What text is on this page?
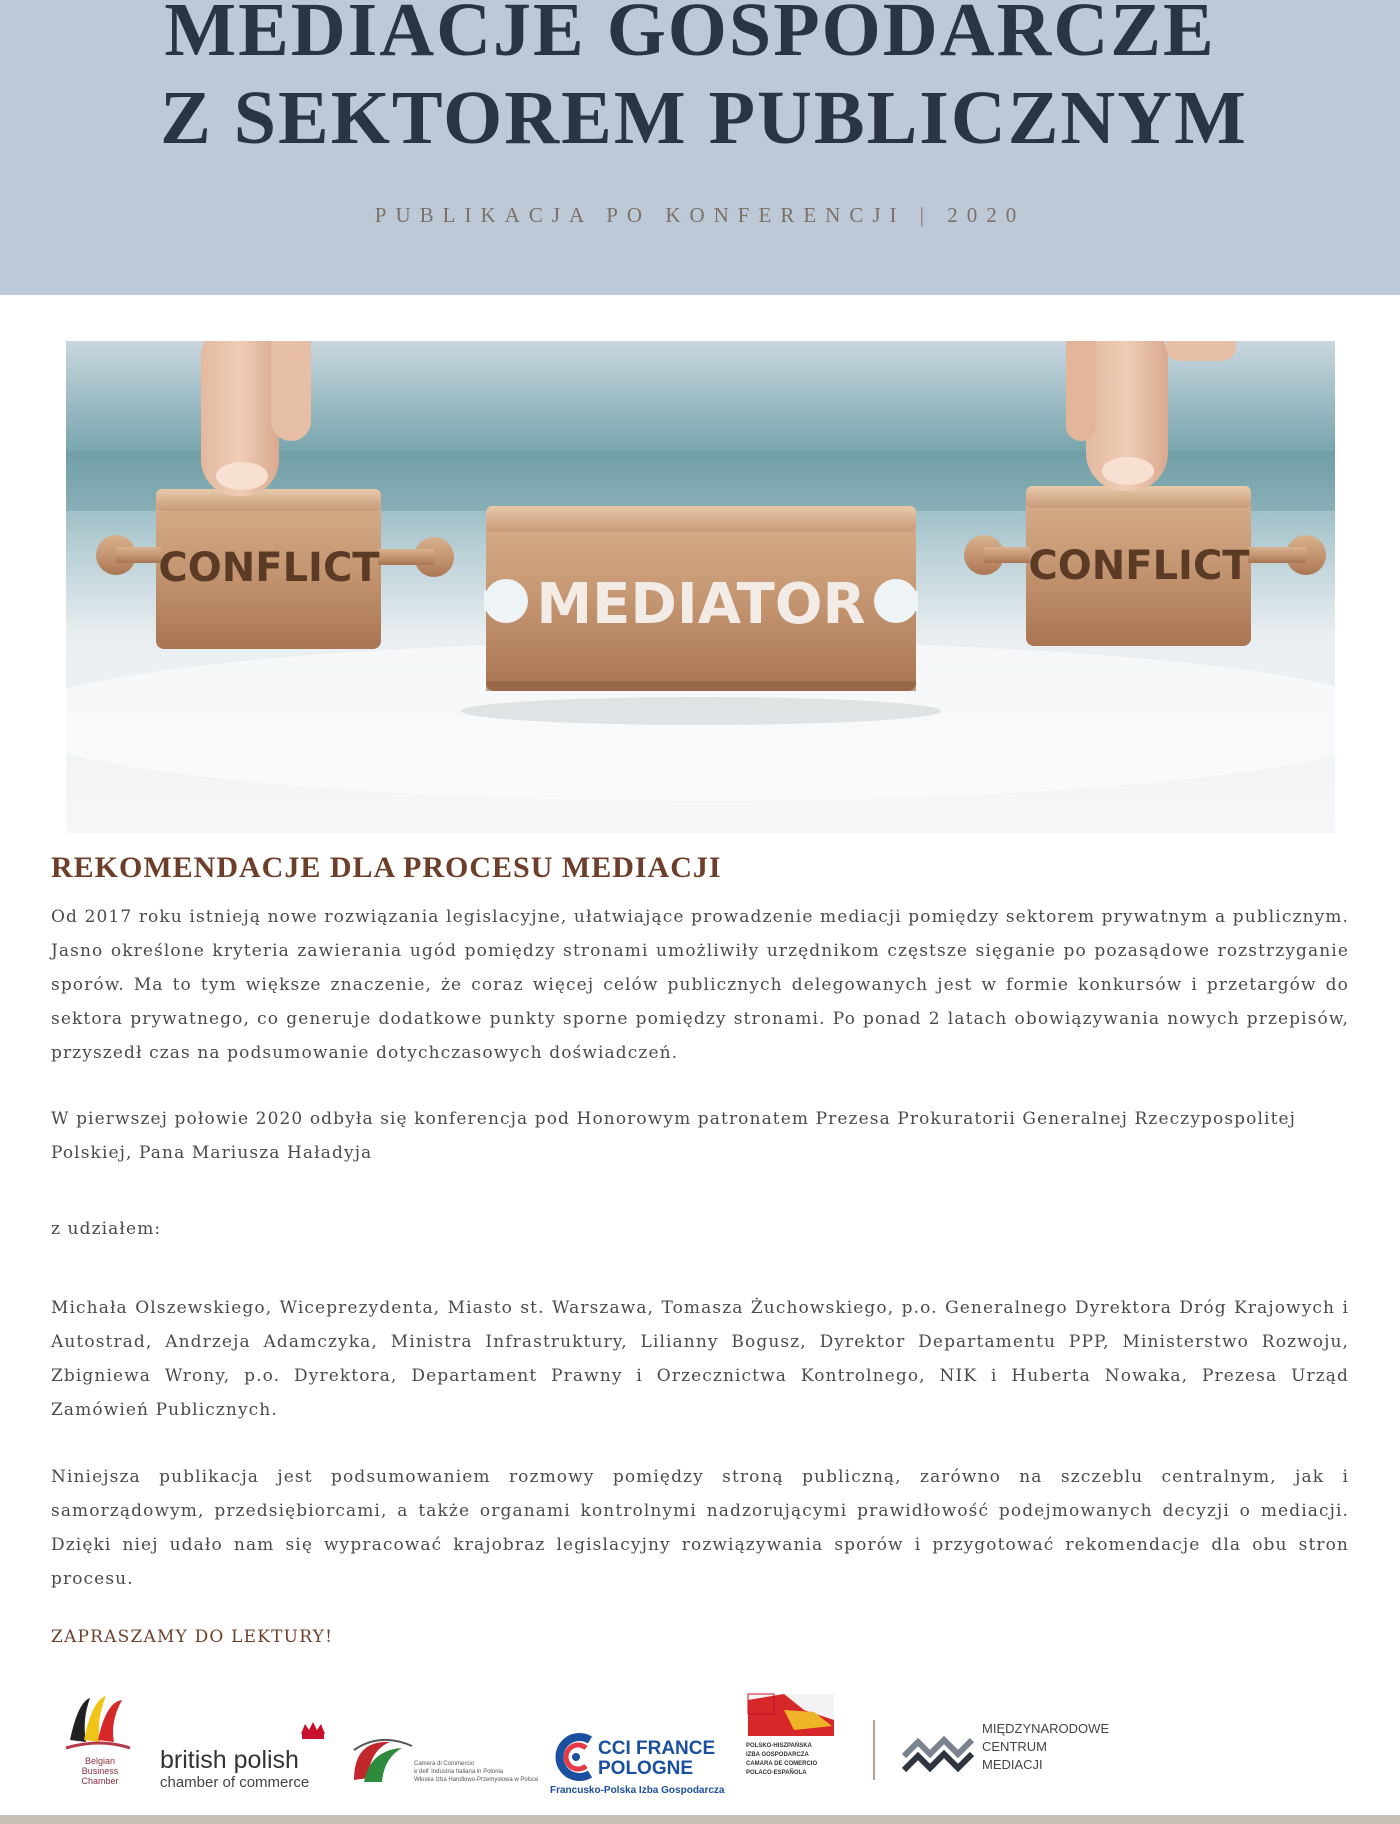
MEDIACJE GOSPODARCZE
Z SEKTOREM PUBLICZNYM
PUBLIKACJA PO KONFERENCJI | 2020
CONFLICT	CONFLICT
MEDIATOR
REKOMENDACJE DLA PROCESU MEDIACJI

Od 2017 roku istnieją nowe rozwiązania legislacyjne, ułatwiające prowadzenie mediacji pomiędzy sektorem prywatnym a publicznym. Jasno określone kryteria zawierania ugód pomiędzy stronami umożliwiły urzędnikom częstsze sięganie po pozasądowe rozstrzyganie sporów. Ma to tym większe znaczenie, że coraz więcej celów publicznych delegowanych jest w formie konkursów i przetargów do sektora prywatnego, co generuje dodatkowe punkty sporne pomiędzy stronami. Po ponad 2 latach obowiązywania nowych przepisów, przyszedł czas na podsumowanie dotychczasowych doświadczeń.

W pierwszej połowie 2020 odbyła się konferencja pod Honorowym patronatem Prezesa Prokuratorii Generalnej Rzeczypospolitej Polskiej, Pana Mariusza Haładyja

z udziałem:

Michała Olszewskiego, Wiceprezydenta, Miasto st. Warszawa, Tomasza Żuchowskiego, p.o. Generalnego Dyrektora Dróg Krajowych i Autostrad, Andrzeja Adamczyka, Ministra Infrastruktury, Lilianny Bogusz, Dyrektor Departamentu PPP, Ministerstwo Rozwoju, Zbigniewa Wrony, p.o. Dyrektora, Departament Prawny i Orzecznictwa Kontrolnego, NIK i Huberta Nowaka, Prezesa Urząd Zamówień Publicznych.

Niniejsza publikacja jest podsumowaniem rozmowy pomiędzy stroną publiczną, zarówno na szczeblu centralnym, jak i samorządowym, przedsiębiorcami, a także organami kontrolnymi nadzorującymi prawidłowość podejmowanych decyzji o mediacji. Dzięki niej udało nam się wypracować krajobraz legislacyjny rozwiązywania sporów i przygotować rekomendacje dla obu stron procesu.

ZAPRASZAMY DO LEKTURY!
Belgian
Business
Chamber
british polish
chamber of commerce
Camera di Commercio
e dell' Industria Italiana in Polonia
Włoska Izba Handlowo-Przemysłowa w Polsce
CCI FRANCE
POLOGNE
Francusko-Polska Izba Gospodarcza
POLSKO-HISZPAŃSKA
IZBA GOSPODARCZA
CAMARA DE COMERCIO
POLACO-ESPAÑOLA
MIĘDZYNARODOWE
CENTRUM
MEDIACJI
